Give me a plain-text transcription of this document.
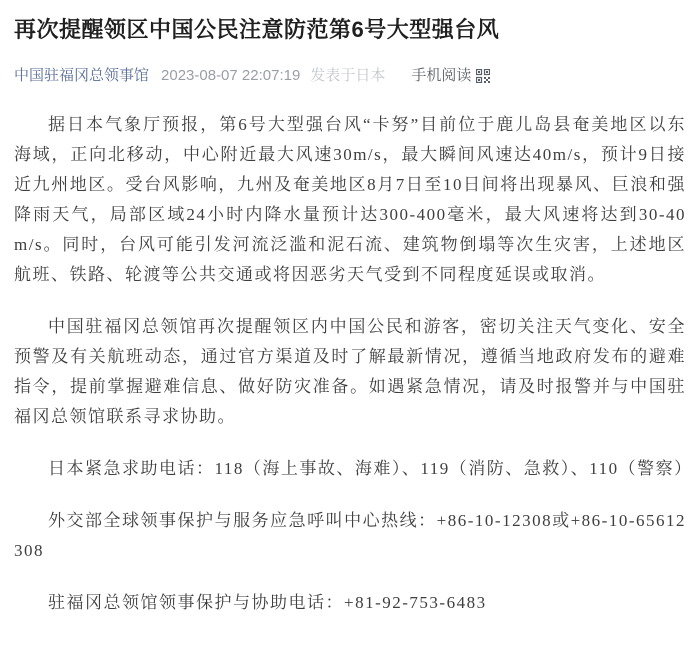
再次提醒领区中国公民注意防范第6号大型强台风
中国驻福冈总领事馆 2023-08-07 22:07:19 发表于日本 手机阅读

据日本气象厅预报，第6号大型强台风“卡努”目前位于鹿儿岛县奄美地区以东海域，正向北移动，中心附近最大风速30m/s，最大瞬间风速达40m/s，预计9日接近九州地区。受台风影响，九州及奄美地区8月7日至10日间将出现暴风、巨浪和强降雨天气，局部区域24小时内降水量预计达300-400毫米，最大风速将达到30-40m/s。同时，台风可能引发河流泛滥和泥石流、建筑物倒塌等次生灾害，上述地区航班、铁路、轮渡等公共交通或将因恶劣天气受到不同程度延误或取消。

中国驻福冈总领馆再次提醒领区内中国公民和游客，密切关注天气变化、安全预警及有关航班动态，通过官方渠道及时了解最新情况，遵循当地政府发布的避难指令，提前掌握避难信息、做好防灾准备。如遇紧急情况，请及时报警并与中国驻福冈总领馆联系寻求协助。

日本紧急求助电话：118（海上事故、海难）、119（消防、急救）、110（警察）

外交部全球领事保护与服务应急呼叫中心热线：+86-10-12308或+86-10-65612308

驻福冈总领馆领事保护与协助电话：+81-92-753-6483
